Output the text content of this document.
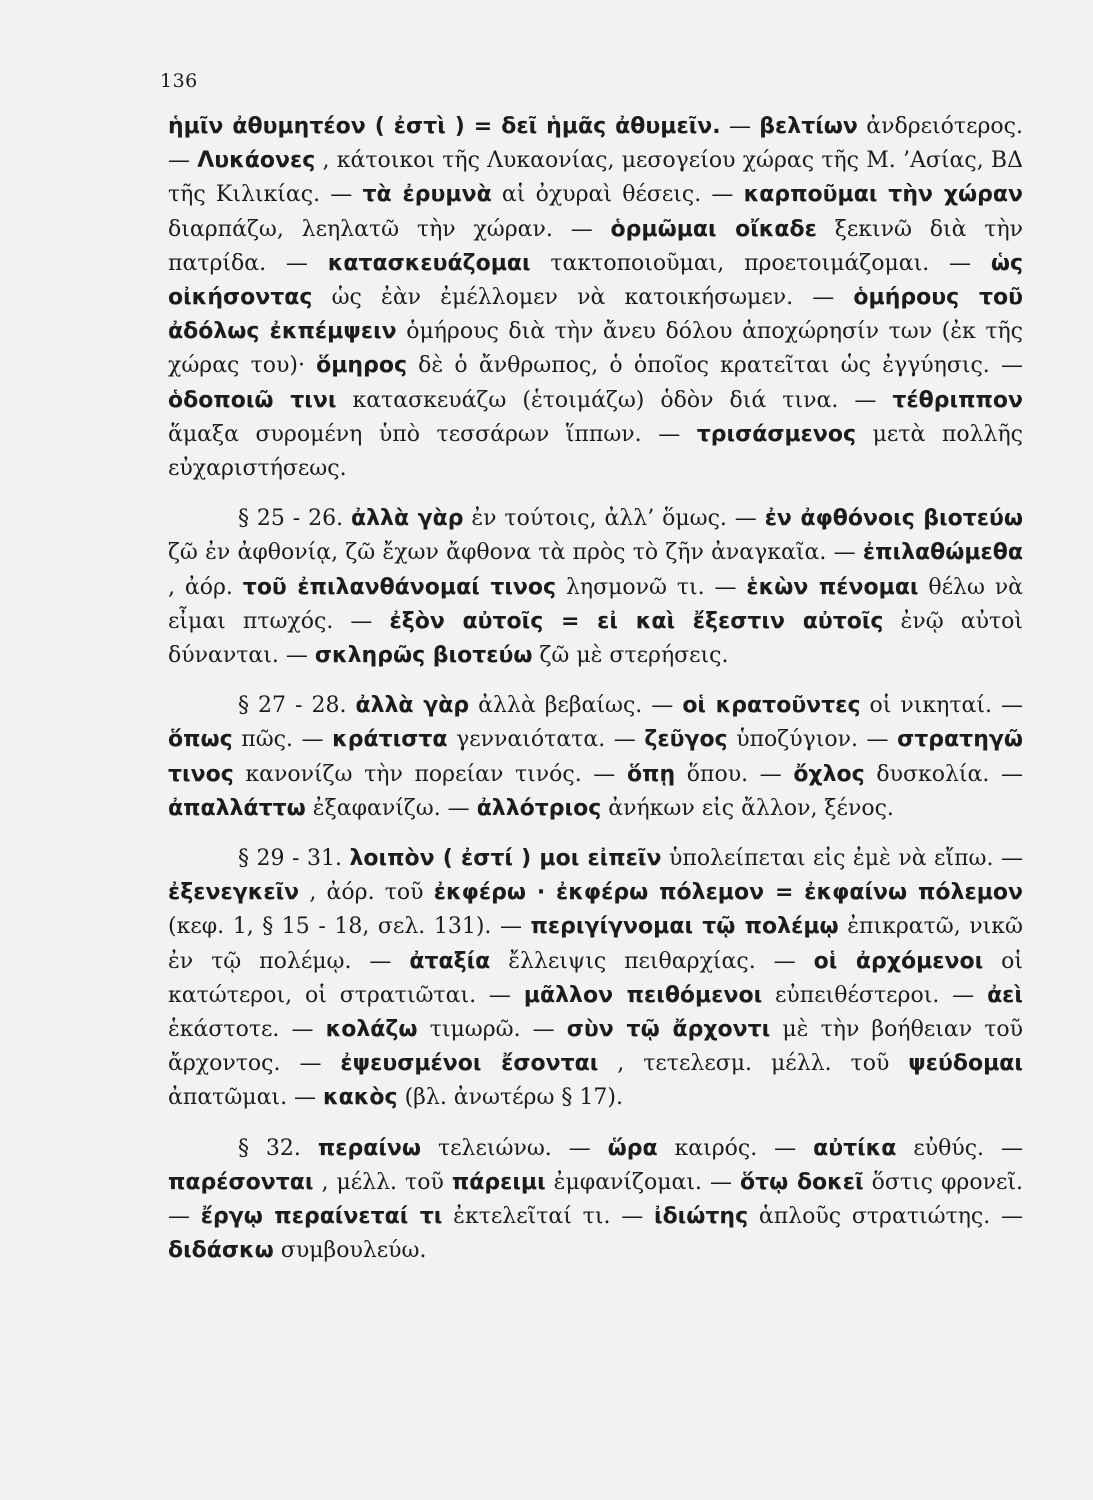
136

ἡμῖν ἀθυμητέον ( ἐστὶ ) = δεῖ ἡμᾶς ἀθυμεῖν. — βελτίων ἀνδρειότερος. — Λυκάονες , κάτοικοι τῆς Λυκαονίας, μεσογείου χώρας τῆς Μ. ’Ασίας, ΒΔ τῆς Κιλικίας. — τὰ ἐρυμνὰ αἱ ὀχυραὶ θέσεις. — καρποῦμαι τὴν χώραν διαρπάζω, λεηλατῶ τὴν χώραν. — ὁρμῶμαι οἴκαδε ξεκινῶ διὰ τὴν πατρίδα. — κατασκευάζομαι τακτοποιοῦμαι, προετοιμάζομαι. — ὡς οἰκήσοντας ὡς ἐὰν ἐμέλλομεν νὰ κατοικήσωμεν. — ὁμήρους τοῦ ἀδόλως ἐκπέμψειν ὁμήρους διὰ τὴν ἄνευ δόλου ἀποχώρησίν των (ἐκ τῆς χώρας του)· ὅμηρος δὲ ὁ ἄνθρωπος, ὁ ὁποῖος κρατεῖται ὡς ἐγγύησις. — ὁδοποιῶ τινι κατασκευάζω (ἑτοιμάζω) ὁδὸν διά τινα. — τέθριππον ἅμαξα συρομένη ὑπὸ τεσσάρων ἵππων. — τρισάσμενος μετὰ πολλῆς εὐχαριστήσεως.

§ 25 - 26. ἀλλὰ γὰρ ἐν τούτοις, ἀλλ’ ὅμως. — ἐν ἀφθόνοις βιοτεύω ζῶ ἐν ἀφθονίᾳ, ζῶ ἔχων ἄφθονα τὰ πρὸς τὸ ζῆν ἀναγκαῖα. — ἐπιλαθώμεθα , ἀόρ. τοῦ ἐπιλανθάνομαί τινος λησμονῶ τι. — ἑκὼν πένομαι θέλω νὰ εἶμαι πτωχός. — ἐξὸν αὐτοῖς = εἰ καὶ ἔξεστιν αὐτοῖς ἐνῷ αὐτοὶ δύνανται. — σκληρῶς βιοτεύω ζῶ μὲ στερήσεις.

§ 27 - 28. ἀλλὰ γὰρ ἀλλὰ βεβαίως. — οἱ κρατοῦντες οἱ νικηταί. — ὅπως πῶς. — κράτιστα γενναιότατα. — ζεῦγος ὑποζύγιον. — στρατηγῶ τινος κανονίζω τὴν πορείαν τινός. — ὅπῃ ὅπου. — ὄχλος δυσκολία. — ἀπαλλάττω ἐξαφανίζω. — ἀλλότριος ἀνήκων εἰς ἄλλον, ξένος.

§ 29 - 31. λοιπὸν ( ἐστί ) μοι εἰπεῖν ὑπολείπεται εἰς ἐμὲ νὰ εἴπω. — ἐξενεγκεῖν , ἀόρ. τοῦ ἐκφέρω · ἐκφέρω πόλεμον = ἐκφαίνω πόλεμον (κεφ. 1, § 15 - 18, σελ. 131). — περιγίγνομαι τῷ πολέμῳ ἐπικρατῶ, νικῶ ἐν τῷ πολέμῳ. — ἀταξία ἔλλειψις πειθαρχίας. — οἱ ἀρχόμενοι οἱ κατώτεροι, οἱ στρατιῶται. — μᾶλλον πειθόμενοι εὐπειθέστεροι. — ἀεὶ ἑκάστοτε. — κολάζω τιμωρῶ. — σὺν τῷ ἄρχοντι μὲ τὴν βοήθειαν τοῦ ἄρχοντος. — ἐψευσμένοι ἔσονται , τετελεσμ. μέλλ. τοῦ ψεύδομαι ἀπατῶμαι. — κακὸς (βλ. ἀνωτέρω § 17).

§ 32. περαίνω τελειώνω. — ὥρα καιρός. — αὐτίκα εὐθύς. — παρέσονται , μέλλ. τοῦ πάρειμι ἐμφανίζομαι. — ὅτῳ δοκεῖ ὅστις φρονεῖ. — ἔργῳ περαίνεταί τι ἐκτελεῖταί τι. — ἰδιώτης ἁπλοῦς στρατιώτης. — διδάσκω συμβουλεύω.
